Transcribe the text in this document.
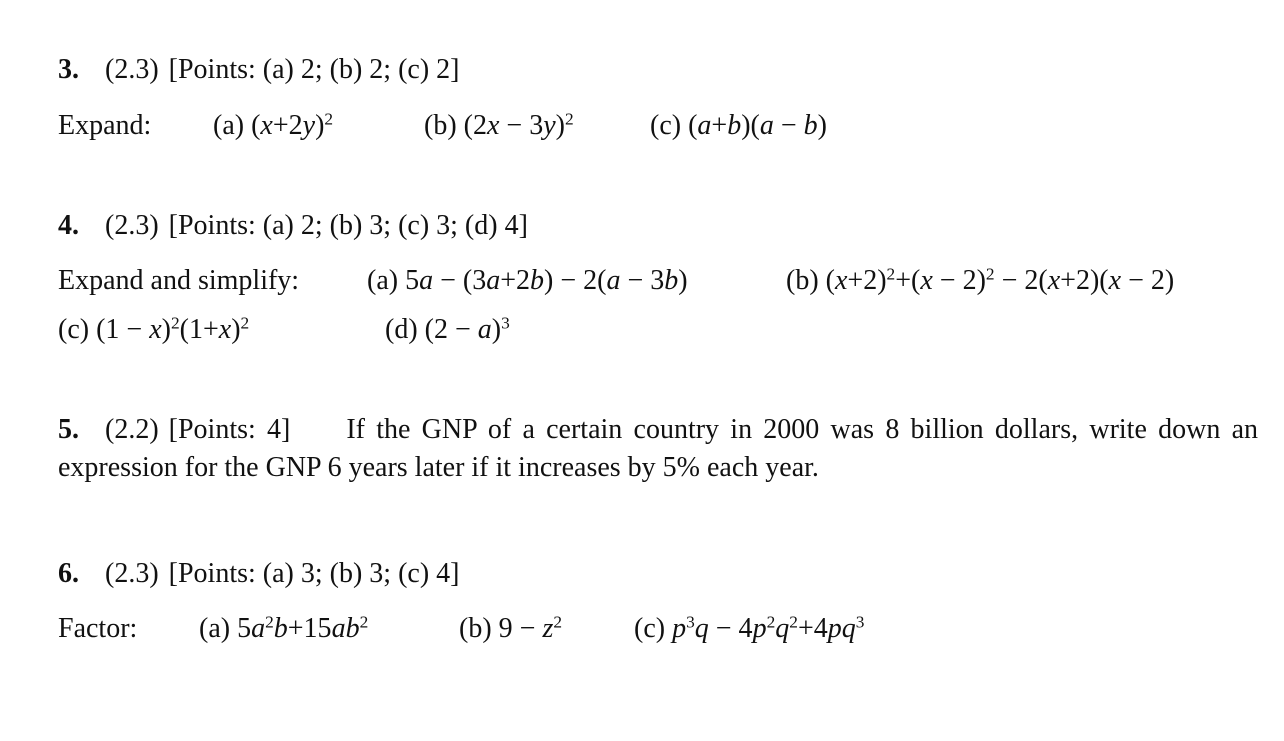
3. (2.3) [Points: (a) 2; (b) 2; (c) 2]
Expand: (a) $(x+2y)^2$	(b) $(2x - 3y)^2$	(c) (a+b)(a − b)
4. (2.3) [Points: (a) 2; (b) 3; (c) 3; (d) 4]
Expand and simplify: (a) 5a − (3a+2b) − 2(a − 3b)	(b) $(x+2)^2+(x - 2)^2 - 2(x+2)(x - 2)$
(c) $(1 - x)^2(1+x)^2$	(d) $(2 - a)^3$
5. (2.2) [Points: 4] If the GNP of a certain country in 2000 was 8 billion dollars, write down an expression for the GNP 6 years later if it increases by 5% each year.
6. (2.3) [Points: (a) 3; (b) 3; (c) 4]
Factor: (a) $5a^2b+15ab^2$	(b) $9 - z^2$	(c) $p^3q - 4p^2q^2+4pq^3$
